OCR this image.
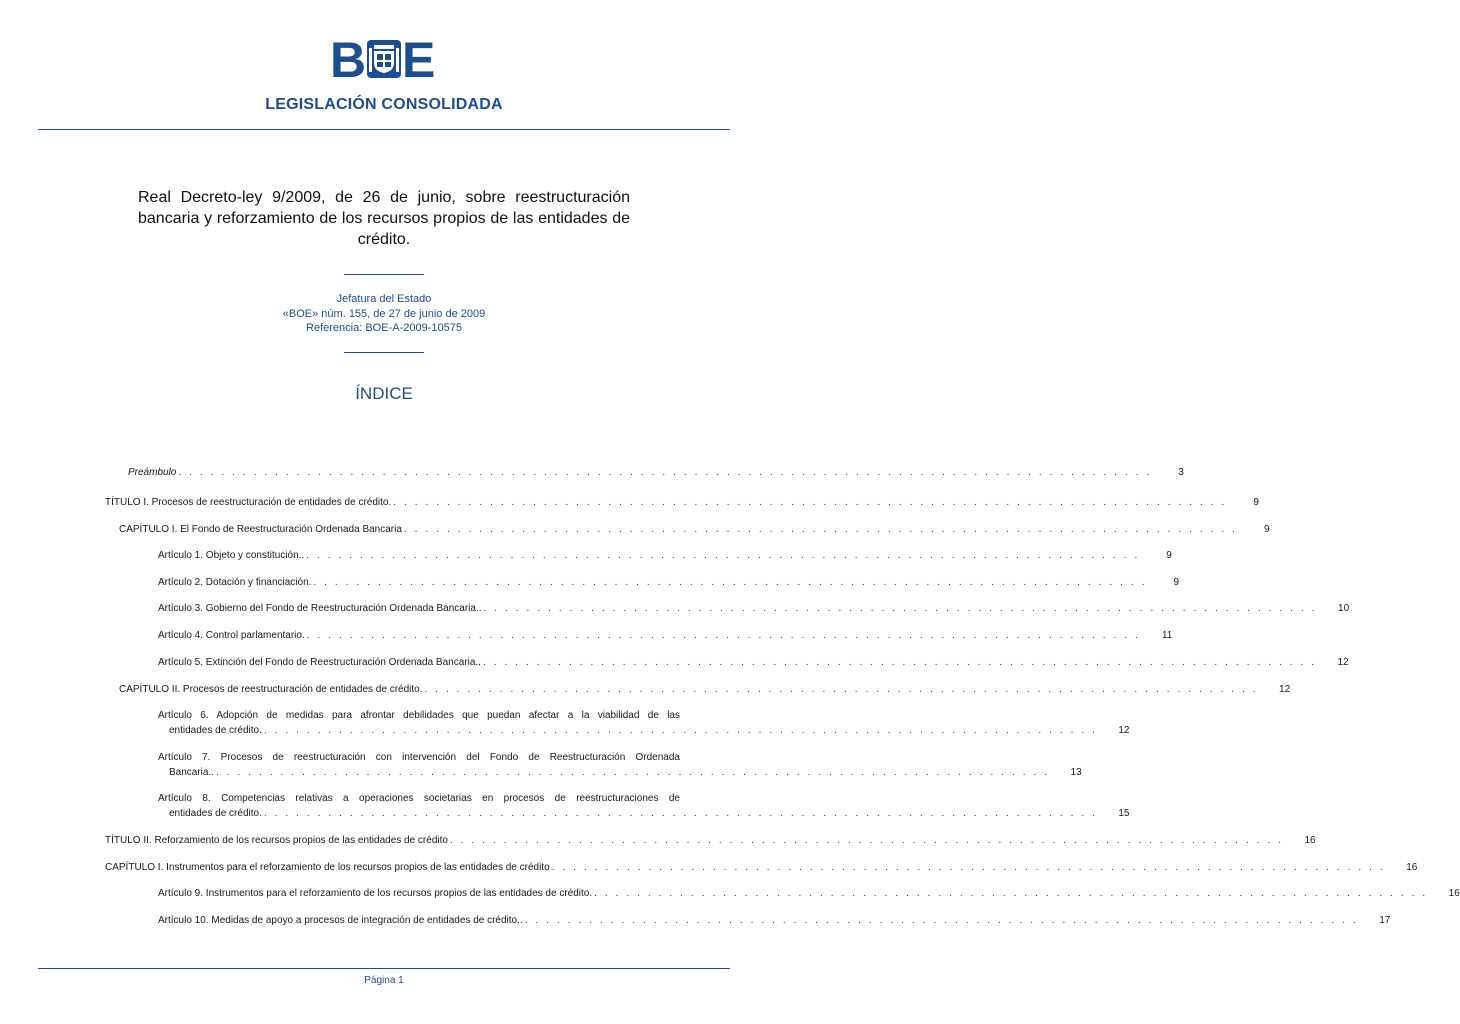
B E
LEGISLACIÓN CONSOLIDADA
Real Decreto-ley 9/2009, de 26 de junio, sobre reestructuración bancaria y reforzamiento de los recursos propios de las entidades de crédito.
Jefatura del Estado
«BOE» núm. 155, de 27 de junio de 2009
Referencia: BOE-A-2009-10575
ÍNDICE
Preámbulo . . . . . . . . . . . . . . . . . . . . . . . . . . . . . . . . . . . . . . . . . . . . . . . . . . . . . . . . . . . . . . . . . . . . . . . . . . . . . . . . . . . . . . . . . . .	3
TÍTULO I. Procesos de reestructuración de entidades de crédito. . . . . . . . . . . . . . . . . . . . . . . . . . . . . . . . . . . . . . . . . . . . . . . . . . . . . . . . . . . . . . . . . . . . . . . . . . . . . . .	9
CAPÍTULO I. El Fondo de Reestructuración Ordenada Bancaria . . . . . . . . . . . . . . . . . . . . . . . . . . . . . . . . . . . . . . . . . . . . . . . . . . . . . . . . . . . . . . . . . . . . . . . . . . . . . .	9
Artículo 1. Objeto y constitución.. . . . . . . . . . . . . . . . . . . . . . . . . . . . . . . . . . . . . . . . . . . . . . . . . . . . . . . . . . . . . . . . . . . . . . . . . . . . . . .	9
Artículo 2. Dotación y financiación. . . . . . . . . . . . . . . . . . . . . . . . . . . . . . . . . . . . . . . . . . . . . . . . . . . . . . . . . . . . . . . . . . . . . . . . . . . . . . .	9
Artículo 3. Gobierno del Fondo de Reestructuración Ordenada Bancaria.. . . . . . . . . . . . . . . . . . . . . . . . . . . . . . . . . . . . . . . . . . . . . . . . . . . . . . . . . . . . . . . . . . . . . . . . . . . . . . .	10
Artículo 4. Control parlamentario. . . . . . . . . . . . . . . . . . . . . . . . . . . . . . . . . . . . . . . . . . . . . . . . . . . . . . . . . . . . . . . . . . . . . . . . . . . . . . .	11
Artículo 5. Extinción del Fondo de Reestructuración Ordenada Bancaria.. . . . . . . . . . . . . . . . . . . . . . . . . . . . . . . . . . . . . . . . . . . . . . . . . . . . . . . . . . . . . . . . . . . . . . . . . . . . . . .	12
CAPÍTULO II. Procesos de reestructuración de entidades de crédito. . . . . . . . . . . . . . . . . . . . . . . . . . . . . . . . . . . . . . . . . . . . . . . . . . . . . . . . . . . . . . . . . . . . . . . . . . . . . . .	12
Artículo 6. Adopción de medidas para afrontar debilidades que puedan afectar a la viabilidad de las
entidades de crédito. . . . . . . . . . . . . . . . . . . . . . . . . . . . . . . . . . . . . . . . . . . . . . . . . . . . . . . . . . . . . . . . . . . . . . . . . . . . . . .	12
Artículo 7. Procesos de reestructuración con intervención del Fondo de Reestructuración Ordenada
Bancaria.. . . . . . . . . . . . . . . . . . . . . . . . . . . . . . . . . . . . . . . . . . . . . . . . . . . . . . . . . . . . . . . . . . . . . . . . . . . . . . .	13
Artículo 8. Competencias relativas a operaciones societarias en procesos de reestructuraciones de
entidades de crédito. . . . . . . . . . . . . . . . . . . . . . . . . . . . . . . . . . . . . . . . . . . . . . . . . . . . . . . . . . . . . . . . . . . . . . . . . . . . . . .	15
TÍTULO II. Reforzamiento de los recursos propios de las entidades de crédito . . . . . . . . . . . . . . . . . . . . . . . . . . . . . . . . . . . . . . . . . . . . . . . . . . . . . . . . . . . . . . . . . . . . . . . . . . . . . .	16
CAPÍTULO I. Instrumentos para el reforzamiento de los recursos propios de las entidades de crédito . . . . . . . . . . . . . . . . . . . . . . . . . . . . . . . . . . . . . . . . . . . . . . . . . . . . . . . . . . . . . . . . . . . . . . . . . . . . . .	16
Artículo 9. Instrumentos para el reforzamiento de los recursos propios de las entidades de crédito. . . . . . . . . . . . . . . . . . . . . . . . . . . . . . . . . . . . . . . . . . . . . . . . . . . . . . . . . . . . . . . . . . . . . . . . . . . . . . .	16
Artículo 10. Medidas de apoyo a procesos de integración de entidades de crédito.. . . . . . . . . . . . . . . . . . . . . . . . . . . . . . . . . . . . . . . . . . . . . . . . . . . . . . . . . . . . . . . . . . . . . . . . . . . . . . .	17
Página 1
